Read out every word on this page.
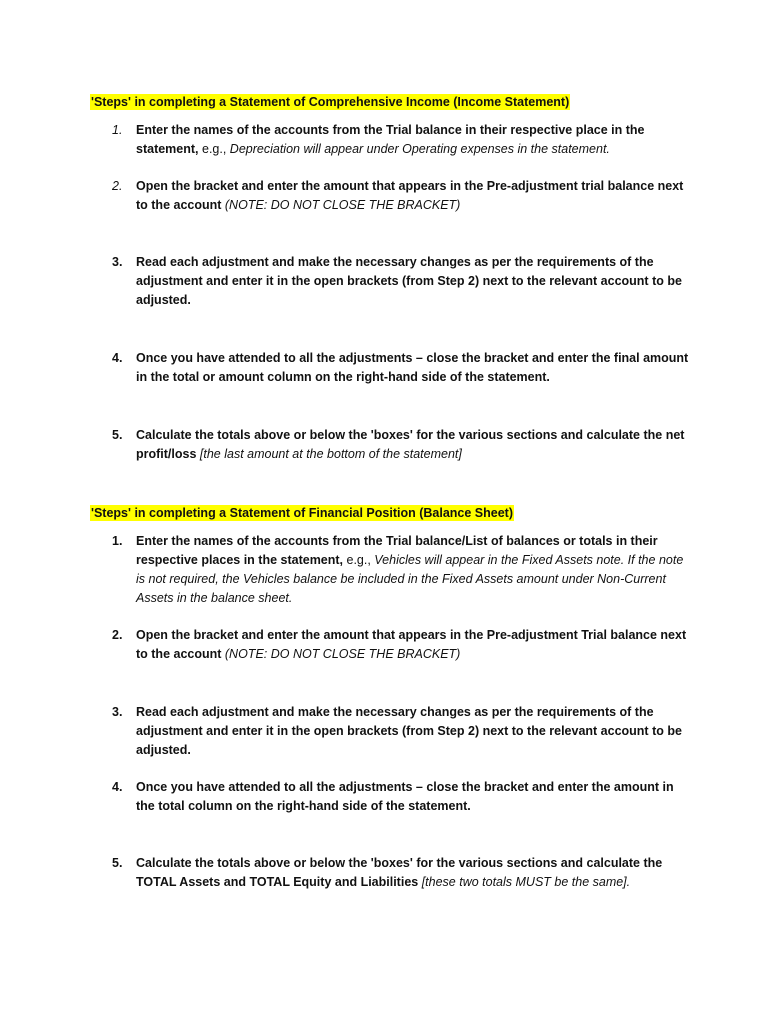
'Steps' in completing a Statement of Comprehensive Income (Income Statement)
1.	Enter the names of the accounts from the Trial balance in their respective place in the statement, e.g., Depreciation will appear under Operating expenses in the statement.
2.	Open the bracket and enter the amount that appears in the Pre-adjustment trial balance next to the account (NOTE: DO NOT CLOSE THE BRACKET)
3.	Read each adjustment and make the necessary changes as per the requirements of the adjustment and enter it in the open brackets (from Step 2) next to the relevant account to be adjusted.
4.	Once you have attended to all the adjustments – close the bracket and enter the final amount in the total or amount column on the right-hand side of the statement.
5.	Calculate the totals above or below the 'boxes' for the various sections and calculate the net profit/loss [the last amount at the bottom of the statement]
'Steps' in completing a Statement of Financial Position (Balance Sheet)
1.	Enter the names of the accounts from the Trial balance/List of balances or totals in their respective places in the statement, e.g., Vehicles will appear in the Fixed Assets note. If the note is not required, the Vehicles balance be included in the Fixed Assets amount under Non-Current Assets in the balance sheet.
2.	Open the bracket and enter the amount that appears in the Pre-adjustment Trial balance next to the account (NOTE: DO NOT CLOSE THE BRACKET)
3.	Read each adjustment and make the necessary changes as per the requirements of the adjustment and enter it in the open brackets (from Step 2) next to the relevant account to be adjusted.
4.	Once you have attended to all the adjustments – close the bracket and enter the amount in the total column on the right-hand side of the statement.
5.	Calculate the totals above or below the 'boxes' for the various sections and calculate the TOTAL Assets and TOTAL Equity and Liabilities [these two totals MUST be the same].
